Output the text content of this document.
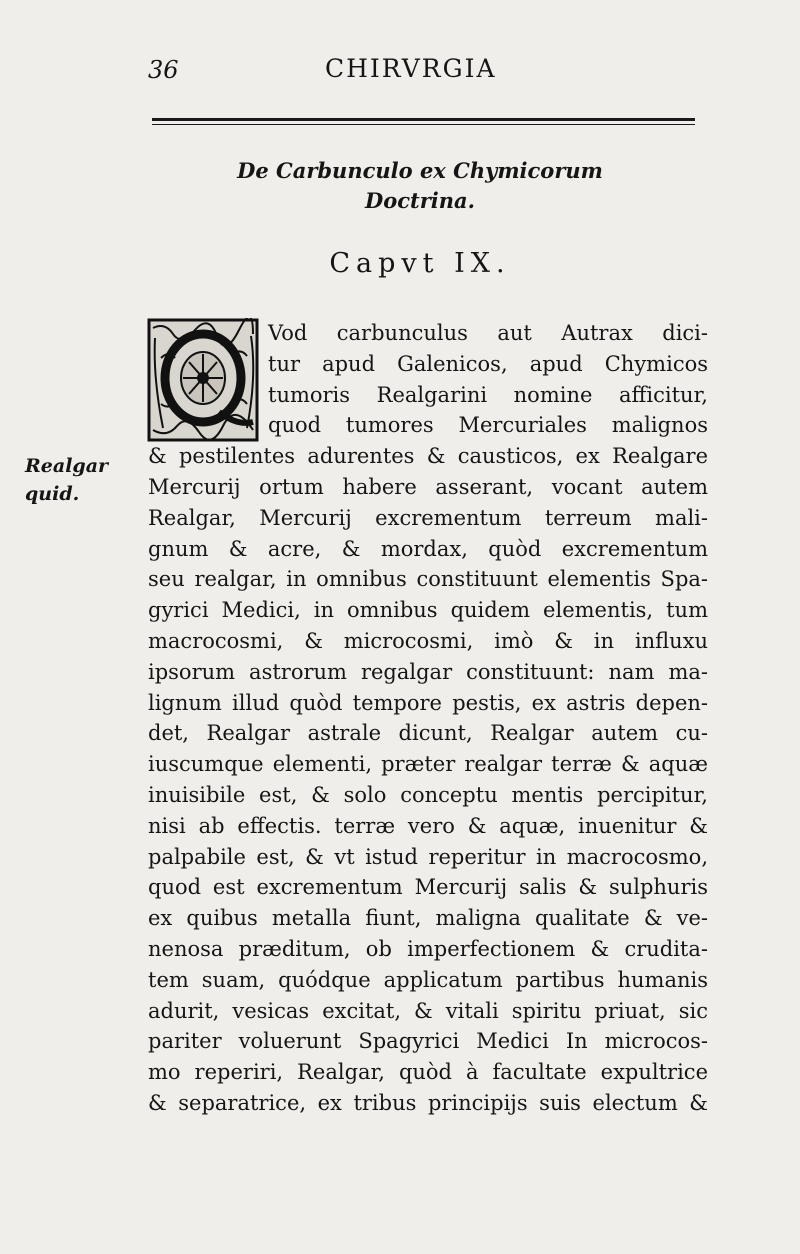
36	CHIRVRGIA
De Carbunculo ex Chymicorum
Doctrina.
Capvt IX.
Realgar
quid.
Vod carbunculus aut Autrax dici-
tur apud Galenicos, apud Chymicos
tumoris Realgarini nomine afficitur,
quod tumores Mercuriales malignos
& pestilentes adurentes & causticos, ex Realgare
Mercurij ortum habere asserant, vocant autem
Realgar, Mercurij excrementum terreum mali-
gnum & acre, & mordax, quòd excrementum
seu realgar, in omnibus constituunt elementis Spa-
gyrici Medici, in omnibus quidem elementis, tum
macrocosmi, & microcosmi, imò & in influxu
ipsorum astrorum regalgar constituunt: nam ma-
lignum illud quòd tempore pestis, ex astris depen-
det, Realgar astrale dicunt, Realgar autem cu-
iuscumque elementi, præter realgar terræ & aquæ
inuisibile est, & solo conceptu mentis percipitur,
nisi ab effectis. terræ vero & aquæ, inuenitur &
palpabile est, & vt istud reperitur in macrocosmo,
quod est excrementum Mercurij salis & sulphuris
ex quibus metalla fiunt, maligna qualitate & ve-
nenosa præditum, ob imperfectionem & crudita-
tem suam, quódque applicatum partibus humanis
adurit, vesicas excitat, & vitali spiritu priuat, sic
pariter voluerunt Spagyrici Medici In microcos-
mo reperiri, Realgar, quòd à facultate expultrice
& separatrice, ex tribus principijs suis electum &
